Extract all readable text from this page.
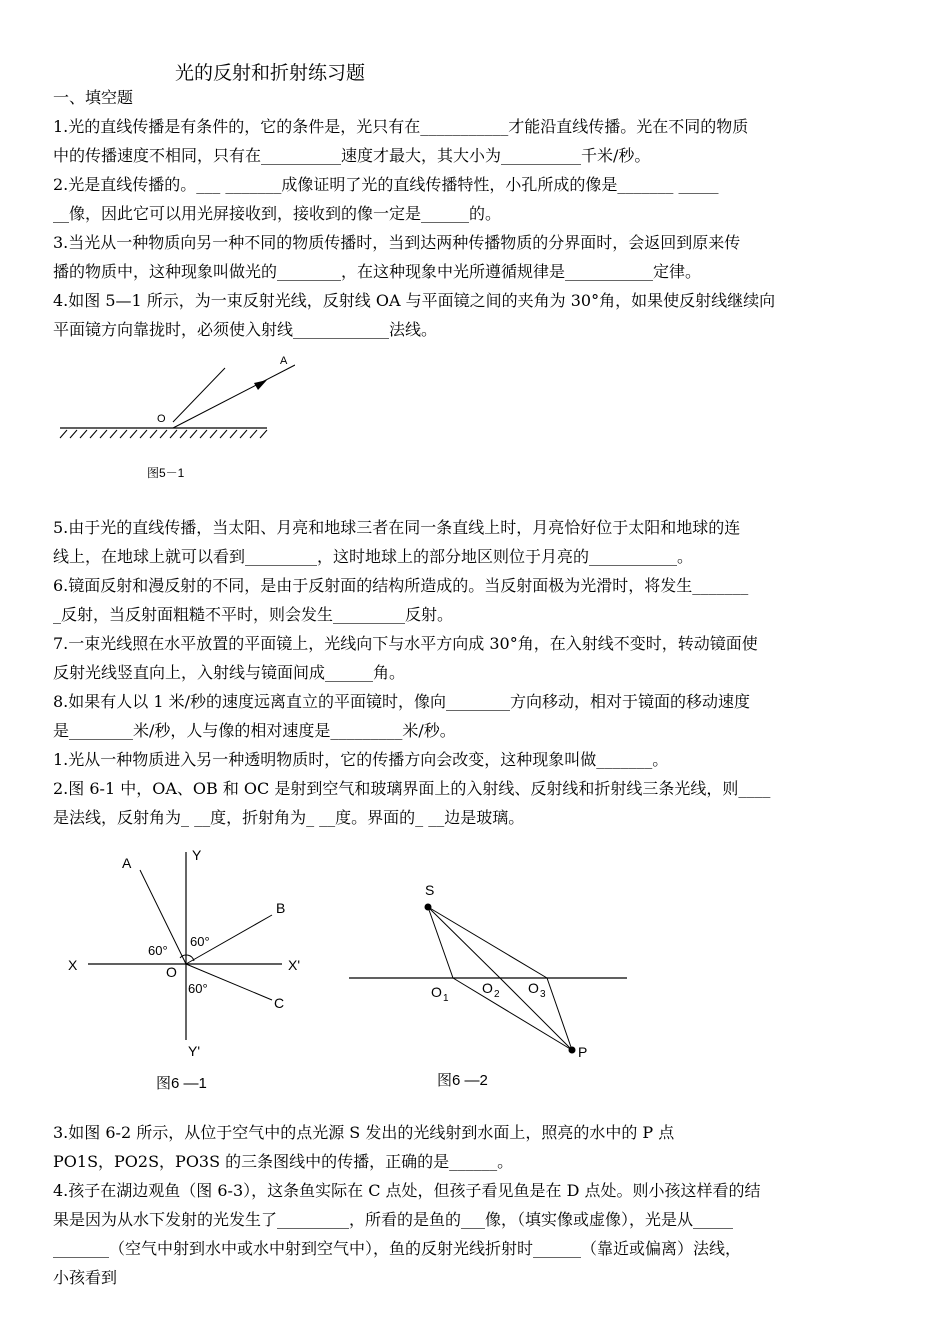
光的反射和折射练习题
一、填空题
1.光的直线传播是有条件的，它的条件是，光只有在___________才能沿直线传播。光在不同的物质
中的传播速度不相同，只有在__________速度才最大，其大小为__________千米/秒。
2.光是直线传播的。___ _______成像证明了光的直线传播特性，小孔所成的像是_______ _____
__像，因此它可以用光屏接收到，接收到的像一定是______的。
3.当光从一种物质向另一种不同的物质传播时，当到达两种传播物质的分界面时，会返回到原来传
播的物质中，这种现象叫做光的________，在这种现象中光所遵循规律是___________定律。
4.如图 5—1 所示，为一束反射光线，反射线 OA 与平面镜之间的夹角为 30°角，如果使反射线继续向
平面镜方向靠拢时，必须使入射线____________法线。
A
O
图5－1
5.由于光的直线传播，当太阳、月亮和地球三者在同一条直线上时，月亮恰好位于太阳和地球的连
线上，在地球上就可以看到_________，这时地球上的部分地区则位于月亮的___________。
6.镜面反射和漫反射的不同，是由于反射面的结构所造成的。当反射面极为光滑时，将发生_______
_反射，当反射面粗糙不平时，则会发生_________反射。
7.一束光线照在水平放置的平面镜上，光线向下与水平方向成 30°角，在入射线不变时，转动镜面使
反射光线竖直向上，入射线与镜面间成______角。
8.如果有人以 1 米/秒的速度远离直立的平面镜时，像向________方向移动，相对于镜面的移动速度
是________米/秒，人与像的相对速度是_________米/秒。
1.光从一种物质进入另一种透明物质时，它的传播方向会改变，这种现象叫做_______。
2.图 6-1 中，OA、OB 和 OC 是射到空气和玻璃界面上的入射线、反射线和折射线三条光线，则____
是法线，反射角为_ __度，折射角为_ __度。界面的_ __边是玻璃。
A	Y
B
X	X'
O
C
Y'
60°
60°
60°
图6 —1
S
O 1
O 2 O 3
P
图6 —2
3.如图 6-2 所示，从位于空气中的点光源 S 发出的光线射到水面上，照亮的水中的 P 点
PO1S，PO2S，PO3S 的三条图线中的传播，正确的是______。
4.孩子在湖边观鱼（图 6-3），这条鱼实际在 C 点处，但孩子看见鱼是在 D 点处。则小孩这样看的结
果是因为从水下发射的光发生了_________，所看的是鱼的___像，（填实像或虚像），光是从_____
_______（空气中射到水中或水中射到空气中），鱼的反射光线折射时______（靠近或偏离）法线，
小孩看到
